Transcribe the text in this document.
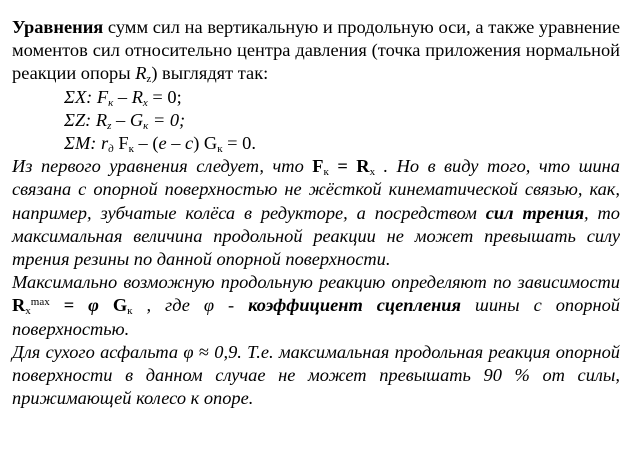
Уравнения сумм сил на вертикальную и продольную оси, а также уравнение моментов сил относительно центра давления (точка приложения нормальной реакции опоры $R_z$) выглядят так:

ΣX: $F_к - R_x = 0$;

ΣZ: $R_z - G_к = 0$;

ΣM: $r_д$ $F_к - (e - c) G_к = 0$.

Из первого уравнения следует, что $F_к = R_x$ . Но в виду того, что шина связана с опорной поверхностью не жёсткой кинематической связью, как, например, зубчатые колёса в редукторе, а посредством сил трения, то максимальная величина продольной реакции не может превышать силу трения резины по данной опорной поверхности.

Максимально возможную продольную реакцию определяют по зависимости $R_x^{max} = \varphi$ $G_к$ , где φ - коэффициент сцепления шины с опорной поверхностью.

Для сухого асфальта φ ≈ 0,9. Т.е. максимальная продольная реакция опорной поверхности в данном случае не может превышать 90 % от силы, прижимающей колесо к опоре.
